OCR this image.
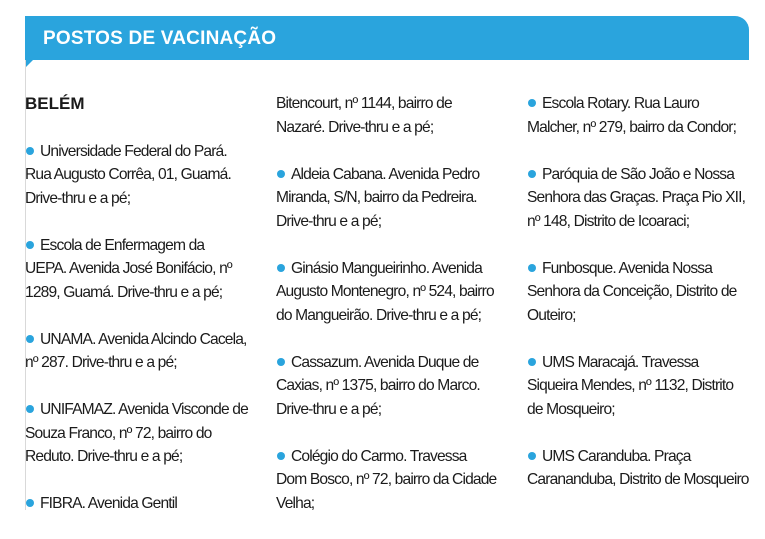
POSTOS DE VACINAÇÃO
BELÉM
Universidade Federal do Pará. Rua Augusto Corrêa, 01, Guamá. Drive-thru e a pé;
Escola de Enfermagem da UEPA. Avenida José Bonifácio, nº 1289, Guamá. Drive-thru e a pé;
UNAMA. Avenida Alcindo Cacela, nº 287. Drive-thru e a pé;
UNIFAMAZ. Avenida Visconde de Souza Franco, nº 72, bairro do Reduto. Drive-thru e a pé;
FIBRA. Avenida Gentil
Bitencourt, nº 1144, bairro de Nazaré. Drive-thru e a pé;
Aldeia Cabana. Avenida Pedro Miranda, S/N, bairro da Pedreira. Drive-thru e a pé;
Ginásio Mangueirinho. Avenida Augusto Montenegro, nº 524, bairro do Mangueirão. Drive-thru e a pé;
Cassazum. Avenida Duque de Caxias, nº 1375, bairro do Marco. Drive-thru e a pé;
Colégio do Carmo. Travessa Dom Bosco, nº 72, bairro da Cidade Velha;
Escola Rotary. Rua Lauro Malcher, nº 279, bairro da Condor;
Paróquia de São João e Nossa Senhora das Graças. Praça Pio XII, nº 148, Distrito de Icoaraci;
Funbosque. Avenida Nossa Senhora da Conceição, Distrito de Outeiro;
UMS Maracajá. Travessa Siqueira Mendes, nº 1132, Distrito de Mosqueiro;
UMS Caranduba. Praça Carananduba, Distrito de Mosqueiro
